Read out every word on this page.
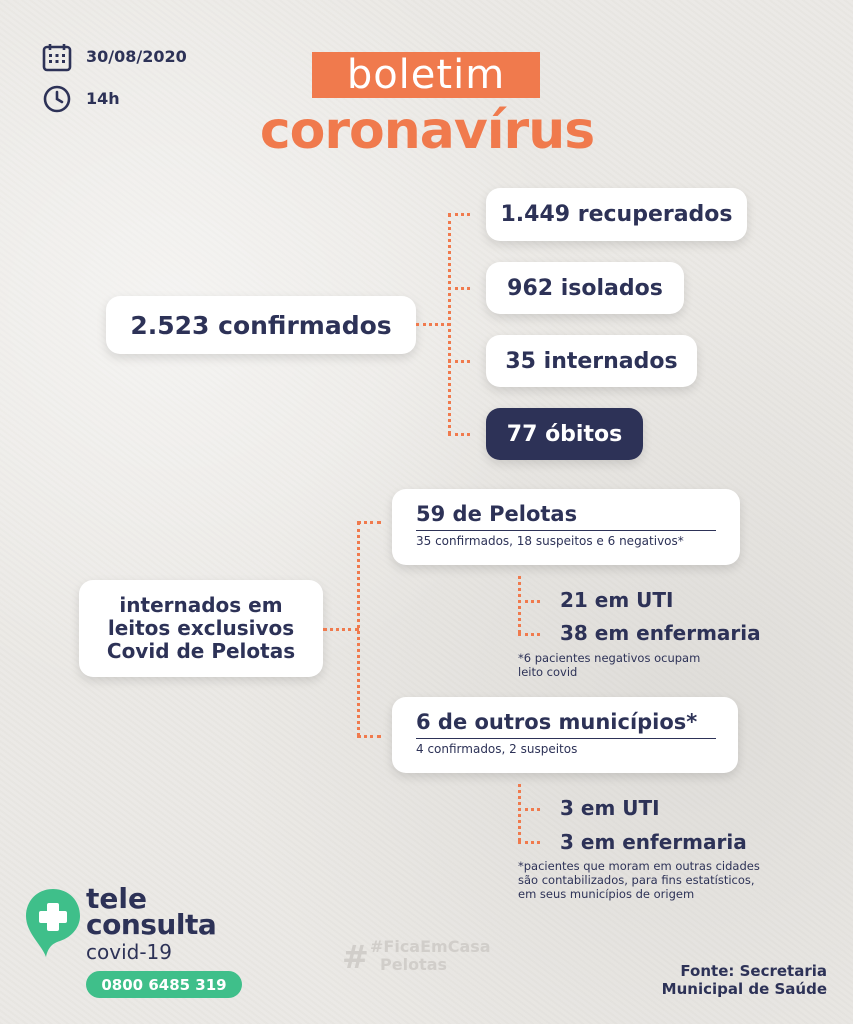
30/08/2020
14h
boletim
coronavírus
2.523 confirmados
1.449 recuperados
962 isolados
35 internados
77 óbitos
internados em
leitos exclusivos
Covid de Pelotas
59 de Pelotas
35 confirmados, 18 suspeitos e 6 negativos*
21 em UTI
38 em enfermaria
*6 pacientes negativos ocupam
leito covid
6 de outros municípios*
4 confirmados, 2 suspeitos
3 em UTI
3 em enfermaria
*pacientes que moram em outras cidades
são contabilizados, para fins estatísticos,
em seus municípios de origem
tele
consulta
covid-19
0800 6485 319
# #FicaEmCasa
Pelotas	Fonte: Secretaria
Municipal de Saúde
